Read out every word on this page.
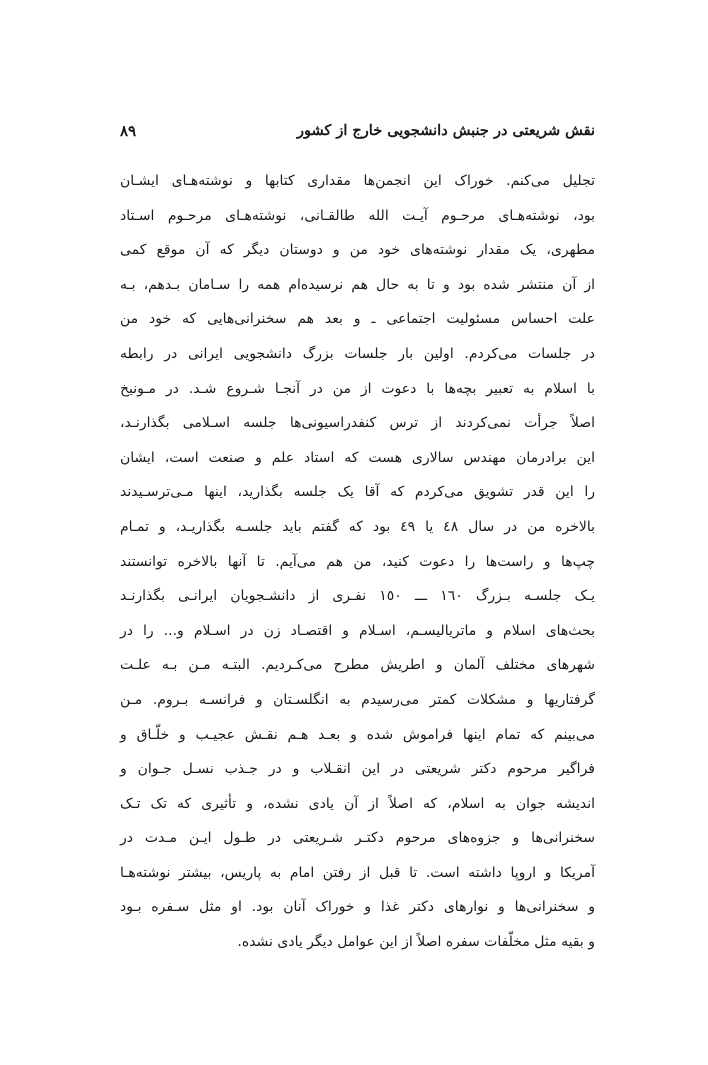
نقش شریعتی در جنبش دانشجویی خارج از کشور
۸۹
تجلیل می‌کنم. خوراک این انجمن‌ها مقداری کتابها و نوشته‌هـای ایشـان
بود، نوشته‌هـای مرحـوم آیـت الله طالقـانی، نوشته‌هـای مرحـوم اسـتاد
مطهری، یک مقدار نوشته‌های خود من و دوستان دیگر که آن موقع کمی
از آن منتشر شده بود و تا به حال هم نرسیده‌ام همه را سـامان بـدهم، بـه
علت احساس مسئولیت اجتماعی ـ و بعد هم سخنرانی‌هایی که خود من
در جلسات می‌کردم. اولین بار جلسات بزرگ دانشجویی ایرانی در رابطه
با اسلام به تعبیر بچه‌ها با دعوت از من در آنجـا شـروع شـد. در مـونیخ
اصلاً جرأت نمی‌کردند از ترس کنفدراسیونی‌ها جلسه اسـلامی بگذارنـد،
این برادرمان مهندس سالاری هست که استاد علم و صنعت است، ایشان
را این قدر تشویق می‌کردم که آقا یک جلسه بگذارید، اینها مـی‌ترسـیدند
بالاخره من در سال ٤٨ یا ٤٩ بود که گفتم باید جلسـه بگذاریـد، و تمـام
چپ‌ها و راست‌ها را دعوت کنید، من هم می‌آیم. تا آنها بالاخره توانستند
یـک جلسـه بـزرگ ١٦٠ ـــ ١٥٠ نفـری از دانشـجویان ایرانـی بگذارنـد
بحث‌های اسلام و ماتریالیسـم، اسـلام و اقتصـاد زن در اسـلام و... را در
شهرهای مختلف آلمان و اطریش مطرح می‌کـردیم. البتـه مـن بـه علـت
گرفتاریها و مشکلات کمتر می‌رسیدم به انگلسـتان و فرانسـه بـروم. مـن
می‌بینم که تمام اینها فراموش شده و بعـد هـم نقـش عجیـب و خلّـاق و
فراگیر مرحوم دکتر شریعتی در این انقـلاب و در جـذب نسـل جـوان و
اندیشه جوان به اسلام، که اصلاً از آن یادی نشده، و تأثیری که تک تـک
سخنرانی‌ها و جزوه‌های مرحوم دکتـر شـریعتی در طـول ایـن مـدت در
آمریکا و اروپا داشته است. تا قبل از رفتن امام به پاریس، بیشتر نوشته‌هـا
و سخنرانی‌ها و نوارهای دکتر غذا و خوراک آنان بود. او مثل سـفره بـود
و بقیه مثل مخلّفات سفره اصلاً از این عوامل دیگر یادی نشده.
